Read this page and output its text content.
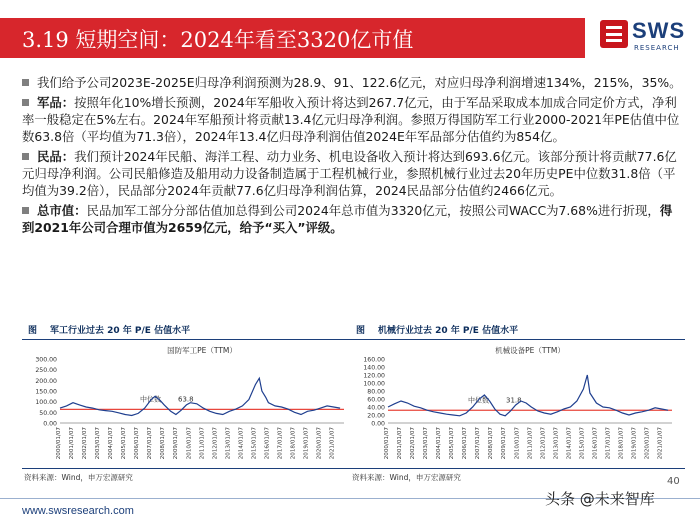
3.19 短期空间：2024年看至3320亿市值	SWS
RESEARCH

我们给予公司2023E-2025E归母净利润预测为28.9、91、122.6亿元，对应归母净利润增速134%，215%，35%。

军品：按照年化10%增长预测，2024年军船收入预计将达到267.7亿元，由于军品采取成本加成合同定价方式，净利率一般稳定在5%左右。2024年军船预计将贡献13.4亿元归母净利润。参照万得国防军工行业2000-2021年PE估值中位数63.8倍（平均值为71.3倍），2024年13.4亿归母净利润估值2024E年军品部分估值约为854亿。

民品：我们预计2024年民船、海洋工程、动力业务、机电设备收入预计将达到693.6亿元。该部分预计将贡献77.6亿元归母净利润。公司民船修造及船用动力设备制造属于工程机械行业，参照机械行业过去20年历史PE中位数31.8倍（平均值为39.2倍），民品部分2024年贡献77.6亿归母净利润估算，2024民品部分估值约2466亿元。

总市值：民品加军工部分分部估值加总得到公司2024年总市值为3320亿元，按照公司WACC为7.68%进行折现，得到2021年公司合理市值为2659亿元，给予“买入”评级。

图 军工行业过去 20 年 P/E 估值水平
300.00
250.00
200.00
150.00
100.00
50.00
0.00
2000/01/07 2001/01/07 2002/01/07 2003/01/07 2004/01/07 2005/01/07 2006/01/07 2007/01/07 2008/01/07 2009/01/07 2010/01/07 2011/01/07 2012/01/07 2013/01/07 2014/01/07 2015/01/07 2016/01/07 2017/01/07 2018/01/07 2019/01/07 2020/01/07 2021/01/07
中位数 63.8
国防军工PE（TTM）
资料来源：Wind，申万宏源研究
图 机械行业过去 20 年 P/E 估值水平
160.00
140.00
120.00
100.00
80.00
60.00
40.00
20.00
0.00
2000/01/07 2001/01/07 2002/01/07 2003/01/07 2004/01/07 2005/01/07 2006/01/07 2007/01/07 2008/01/07 2009/01/07 2010/01/07 2011/01/07 2012/01/07 2013/01/07 2014/01/07 2015/01/07 2016/01/07 2017/01/07 2018/01/07 2019/01/07 2020/01/07 2021/01/07
中位数 31.8
机械设备PE（TTM）
资料来源：Wind，申万宏源研究	40
www.swsresearch.com
头条 @未来智库
